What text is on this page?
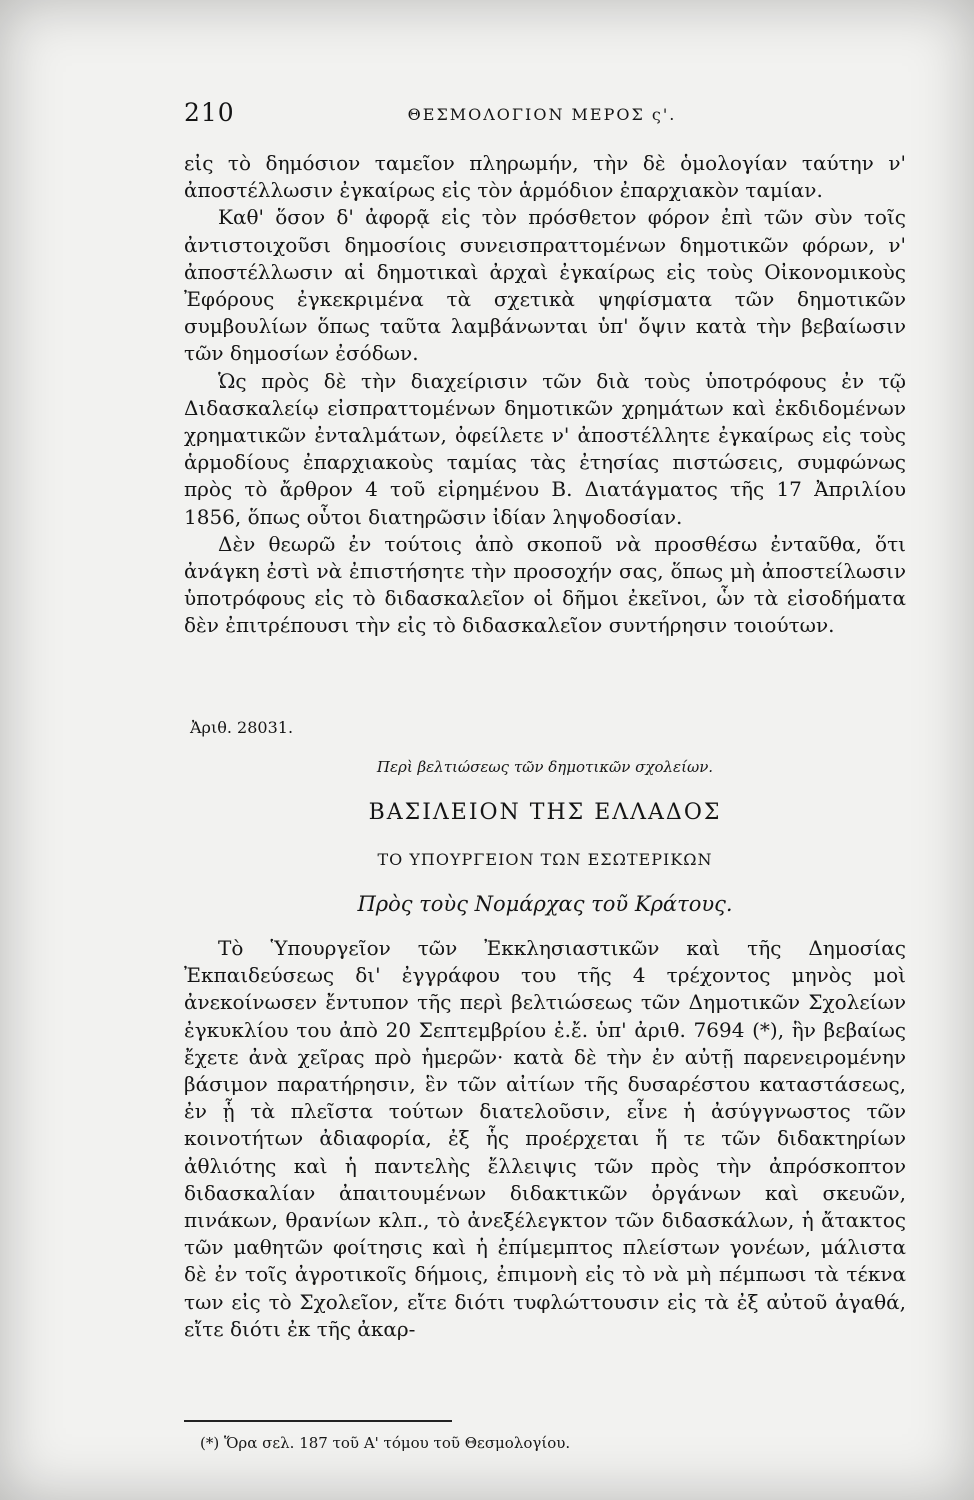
210	ΘΕΣΜΟΛΟΓΙΟΝ ΜΕΡΟΣ ς'.

εἰς τὸ δημόσιον ταμεῖον πληρωμήν, τὴν δὲ ὁμολογίαν ταύτην ν' ἀποστέλλωσιν ἐγκαίρως εἰς τὸν ἁρμόδιον ἐπαρχιακὸν ταμίαν.

Καθ' ὅσον δ' ἀφορᾷ εἰς τὸν πρόσθετον φόρον ἐπὶ τῶν σὺν τοῖς ἀντιστοιχοῦσι δημοσίοις συνεισπραττομένων δημοτικῶν φόρων, ν' ἀποστέλλωσιν αἱ δημοτικαὶ ἀρχαὶ ἐγκαίρως εἰς τοὺς Οἰκονομικοὺς Ἐφόρους ἐγκεκριμένα τὰ σχετικὰ ψηφίσματα τῶν δημοτικῶν συμβουλίων ὅπως ταῦτα λαμβάνωνται ὑπ' ὄψιν κατὰ τὴν βεβαίωσιν τῶν δημοσίων ἐσόδων.

Ὡς πρὸς δὲ τὴν διαχείρισιν τῶν διὰ τοὺς ὑποτρόφους ἐν τῷ Διδασκαλείῳ εἰσπραττομένων δημοτικῶν χρημάτων καὶ ἐκδιδομένων χρηματικῶν ἐνταλμάτων, ὀφείλετε ν' ἀποστέλλητε ἐγκαίρως εἰς τοὺς ἁρμοδίους ἐπαρχιακοὺς ταμίας τὰς ἐτησίας πιστώσεις, συμφώνως πρὸς τὸ ἄρθρον 4 τοῦ εἰρημένου Β. Διατάγματος τῆς 17 Ἀπριλίου 1856, ὅπως οὗτοι διατηρῶσιν ἰδίαν ληψοδοσίαν.

Δὲν θεωρῶ ἐν τούτοις ἀπὸ σκοποῦ νὰ προσθέσω ἐνταῦθα, ὅτι ἀνάγκη ἐστὶ νὰ ἐπιστήσητε τὴν προσοχήν σας, ὅπως μὴ ἀποστείλωσιν ὑποτρόφους εἰς τὸ διδασκαλεῖον οἱ δῆμοι ἐκεῖνοι, ὧν τὰ εἰσοδήματα δὲν ἐπιτρέπουσι τὴν εἰς τὸ διδασκαλεῖον συντήρησιν τοιούτων.

Ἀριθ. 28031.
Περὶ βελτιώσεως τῶν δημοτικῶν σχολείων.
ΒΑΣΙΛΕΙΟΝ ΤΗΣ ΕΛΛΑΔΟΣ
ΤΟ ΥΠΟΥΡΓΕΙΟΝ ΤΩΝ ΕΣΩΤΕΡΙΚΩΝ
Πρὸς τοὺς Νομάρχας τοῦ Κράτους.

Τὸ Ὑπουργεῖον τῶν Ἐκκλησιαστικῶν καὶ τῆς Δημοσίας Ἐκπαιδεύσεως δι' ἐγγράφου του τῆς 4 τρέχοντος μηνὸς μοὶ ἀνεκοίνωσεν ἔντυπον τῆς περὶ βελτιώσεως τῶν Δημοτικῶν Σχολείων ἐγκυκλίου του ἀπὸ 20 Σεπτεμβρίου ἐ.ἔ. ὑπ' ἀριθ. 7694 (*), ἣν βεβαίως ἔχετε ἀνὰ χεῖρας πρὸ ἡμερῶν· κατὰ δὲ τὴν ἐν αὐτῇ παρενειρομένην βάσιμον παρατήρησιν, ἓν τῶν αἰτίων τῆς δυσαρέστου καταστάσεως, ἐν ᾗ τὰ πλεῖστα τούτων διατελοῦσιν, εἶνε ἡ ἀσύγγνωστος τῶν κοινοτήτων ἀδιαφορία, ἐξ ἧς προέρχεται ἥ τε τῶν διδακτηρίων ἀθλιότης καὶ ἡ παντελὴς ἔλλειψις τῶν πρὸς τὴν ἀπρόσκοπτον διδασκαλίαν ἀπαιτουμένων διδακτικῶν ὀργάνων καὶ σκευῶν, πινάκων, θρανίων κλπ., τὸ ἀνεξέλεγκτον τῶν διδασκάλων, ἡ ἄτακτος τῶν μαθητῶν φοίτησις καὶ ἡ ἐπίμεμπτος πλείστων γονέων, μάλιστα δὲ ἐν τοῖς ἀγροτικοῖς δήμοις, ἐπιμονὴ εἰς τὸ νὰ μὴ πέμπωσι τὰ τέκνα των εἰς τὸ Σχολεῖον, εἴτε διότι τυφλώττουσιν εἰς τὰ ἐξ αὐτοῦ ἀγαθά, εἴτε διότι ἐκ τῆς ἀκαρ-

(*) Ὅρα σελ. 187 τοῦ Α' τόμου τοῦ Θεσμολογίου.
